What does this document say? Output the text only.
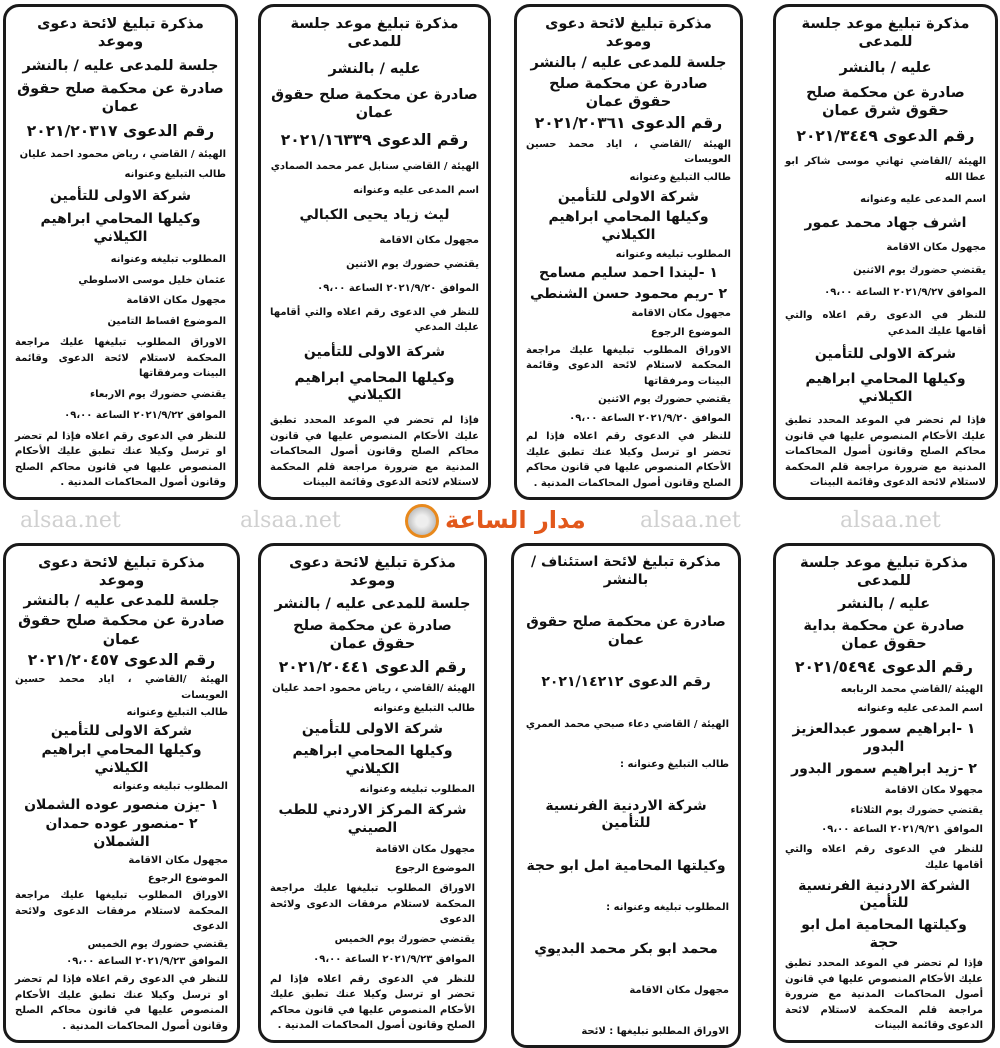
مذكرة تبليغ موعد جلسة للمدعى
عليه / بالنشر
صادرة عن محكمة صلح حقوق شرق عمان
رقم الدعوى ٢٠٢١/٣٤٤٩
الهيئة /القاضي تهاني موسى شاكر ابو عطا الله
اسم المدعى عليه وعنوانه
اشرف جهاد محمد عمور
مجهول مكان الاقامة
يقتضي حضورك يوم الاثنين
الموافق ٢٠٢١/٩/٢٧ الساعة ٠٩،٠٠
للنظر في الدعوى رقم اعلاه والتي أقامها عليك المدعي
شركة الاولى للتأمين
وكيلها المحامي ابراهيم الكيلاني
فإذا لم تحضر في الموعد المحدد تطبق عليك الأحكام المنصوص عليها في قانون محاكم الصلح وقانون أصول المحاكمات المدنية مع ضرورة مراجعة قلم المحكمة لاستلام لائحة الدعوى وقائمة البينات
مذكرة تبليغ لائحة دعوى وموعد
جلسة للمدعى عليه / بالنشر
صادرة عن محكمة صلح حقوق عمان
رقم الدعوى ٢٠٢١/٢٠٣٦١
الهيئة /القاضي ، اياد محمد حسين العويسات
طالب التبليغ وعنوانه
شركة الاولى للتأمين
وكيلها المحامي ابراهيم الكيلاني
المطلوب تبليغه وعنوانه
١ -ليندا احمد سليم مسامح
٢ -ريم محمود حسن الشنطي
مجهول مكان الاقامة
الموضوع الرجوع
الاوراق المطلوب تبليغها عليك مراجعة المحكمة لاستلام لائحة الدعوى وقائمة البينات ومرفقاتها
يقتضي حضورك يوم الاثنين
الموافق ٢٠٢١/٩/٢٠ الساعة ٠٩،٠٠
للنظر في الدعوى رقم اعلاه فإذا لم تحضر او ترسل وكيلا عنك تطبق عليك الأحكام المنصوص عليها في قانون محاكم الصلح وقانون أصول المحاكمات المدنية .
مذكرة تبليغ موعد جلسة للمدعى
عليه / بالنشر
صادرة عن محكمة صلح حقوق عمان
رقم الدعوى ٢٠٢١/١٦٣٣٩
الهيئة / القاضي سنابل عمر محمد الصمادي
اسم المدعى عليه وعنوانه
ليث زياد يحيى الكبالي
مجهول مكان الاقامة
يقتضي حضورك يوم الاثنين
الموافق ٢٠٢١/٩/٢٠ الساعة ٠٩،٠٠
للنظر في الدعوى رقم اعلاه والتي أقامها عليك المدعي
شركة الاولى للتأمين
وكيلها المحامي ابراهيم الكيلاني
فإذا لم تحضر في الموعد المحدد تطبق عليك الأحكام المنصوص عليها في قانون محاكم الصلح وقانون أصول المحاكمات المدنية مع ضرورة مراجعة قلم المحكمة لاستلام لائحة الدعوى وقائمة البينات
مذكرة تبليغ لائحة دعوى وموعد
جلسة للمدعى عليه / بالنشر
صادرة عن محكمة صلح حقوق عمان
رقم الدعوى ٢٠٢١/٢٠٣١٧
الهيئة / القاضي ، رياض محمود احمد عليان
طالب التبليغ وعنوانه
شركة الاولى للتأمين
وكيلها المحامي ابراهيم الكيلاني
المطلوب تبليغه وعنوانه
عثمان خليل موسى الاسلوطي
مجهول مكان الاقامة
الموضوع اقساط التامين
الاوراق المطلوب تبليغها عليك مراجعة المحكمة لاستلام لائحة الدعوى وقائمة البينات ومرفقاتها
يقتضي حضورك يوم الاربعاء
الموافق ٢٠٢١/٩/٢٢ الساعة ٠٩،٠٠
للنظر في الدعوى رقم اعلاه فإذا لم تحضر او ترسل وكيلا عنك تطبق عليك الأحكام المنصوص عليها في قانون محاكم الصلح وقانون أصول المحاكمات المدنية .
مذكرة تبليغ موعد جلسة للمدعى
عليه / بالنشر
صادرة عن محكمة بداية حقوق عمان
رقم الدعوى ٢٠٢١/٥٤٩٤
الهيئة /القاضي محمد الربابعه
اسم المدعى عليه وعنوانه
١ -ابراهيم سمور عبدالعزيز البدور
٢ -زيد ابراهيم سمور البدور
مجهولا مكان الاقامة
يقتضي حضورك يوم الثلاثاء
الموافق ٢٠٢١/٩/٢١ الساعة ٠٩،٠٠
للنظر في الدعوى رقم اعلاه والتي أقامها عليك
الشركة الاردنية الفرنسية للتأمين
وكيلتها المحامية امل ابو حجة
فإذا لم تحضر في الموعد المحدد تطبق عليك الأحكام المنصوص عليها في قانون أصول المحاكمات المدنية مع ضرورة مراجعة قلم المحكمة لاستلام لائحة الدعوى وقائمة البينات
مذكرة تبليغ لائحة استئناف / بالنشر
صادرة عن محكمة صلح حقوق عمان
رقم الدعوى ٢٠٢١/١٤٢١٢
الهيئة / القاضي دعاء صبحي محمد العمري
طالب التبليغ وعنوانه :
شركة الاردنية الفرنسية للتأمين
وكيلتها المحامية امل ابو حجة
المطلوب تبليغه وعنوانه :
محمد ابو بكر محمد البديوي
مجهول مكان الاقامة
الاوراق المطلبو تبليغها : لائحة
مذكرة تبليغ لائحة دعوى وموعد
جلسة للمدعى عليه / بالنشر
صادرة عن محكمة صلح حقوق عمان
رقم الدعوى ٢٠٢١/٢٠٤٤١
الهيئة /القاضي ، رياض محمود احمد عليان
طالب التبليغ وعنوانه
شركة الاولى للتأمين
وكيلها المحامي ابراهيم الكيلاني
المطلوب تبليغه وعنوانه
شركة المركز الاردني للطب الصيني
مجهول مكان الاقامة
الموضوع الرجوع
الاوراق المطلوب تبليغها عليك مراجعة المحكمة لاستلام مرفقات الدعوى ولائحة الدعوى
يقتضي حضورك يوم الخميس
الموافق ٢٠٢١/٩/٢٣ الساعة ٠٩،٠٠
للنظر في الدعوى رقم اعلاه فإذا لم تحضر او ترسل وكيلا عنك تطبق عليك الأحكام المنصوص عليها في قانون محاكم الصلح وقانون أصول المحاكمات المدنية .
مذكرة تبليغ لائحة دعوى وموعد
جلسة للمدعى عليه / بالنشر
صادرة عن محكمة صلح حقوق عمان
رقم الدعوى ٢٠٢١/٢٠٤٥٧
الهيئة /القاضي ، اياد محمد حسين العويسات
طالب التبليغ وعنوانه
شركة الاولى للتأمين
وكيلها المحامي ابراهيم الكيلاني
المطلوب تبليغه وعنوانه
١ -يزن منصور عوده الشملان
٢ -منصور عوده حمدان الشملان
مجهول مكان الاقامة
الموضوع الرجوع
الاوراق المطلوب تبليغها عليك مراجعة المحكمة لاستلام مرفقات الدعوى ولائحة الدعوى
يقتضي حضورك يوم الخميس
الموافق ٢٠٢١/٩/٢٣ الساعة ٠٩،٠٠
للنظر في الدعوى رقم اعلاه فإذا لم تحضر او ترسل وكيلا عنك تطبق عليك الأحكام المنصوص عليها في قانون محاكم الصلح وقانون أصول المحاكمات المدنية .
alsaa.net	alsaa.net	alsaa.net	alsaa.net
مدار الساعة
